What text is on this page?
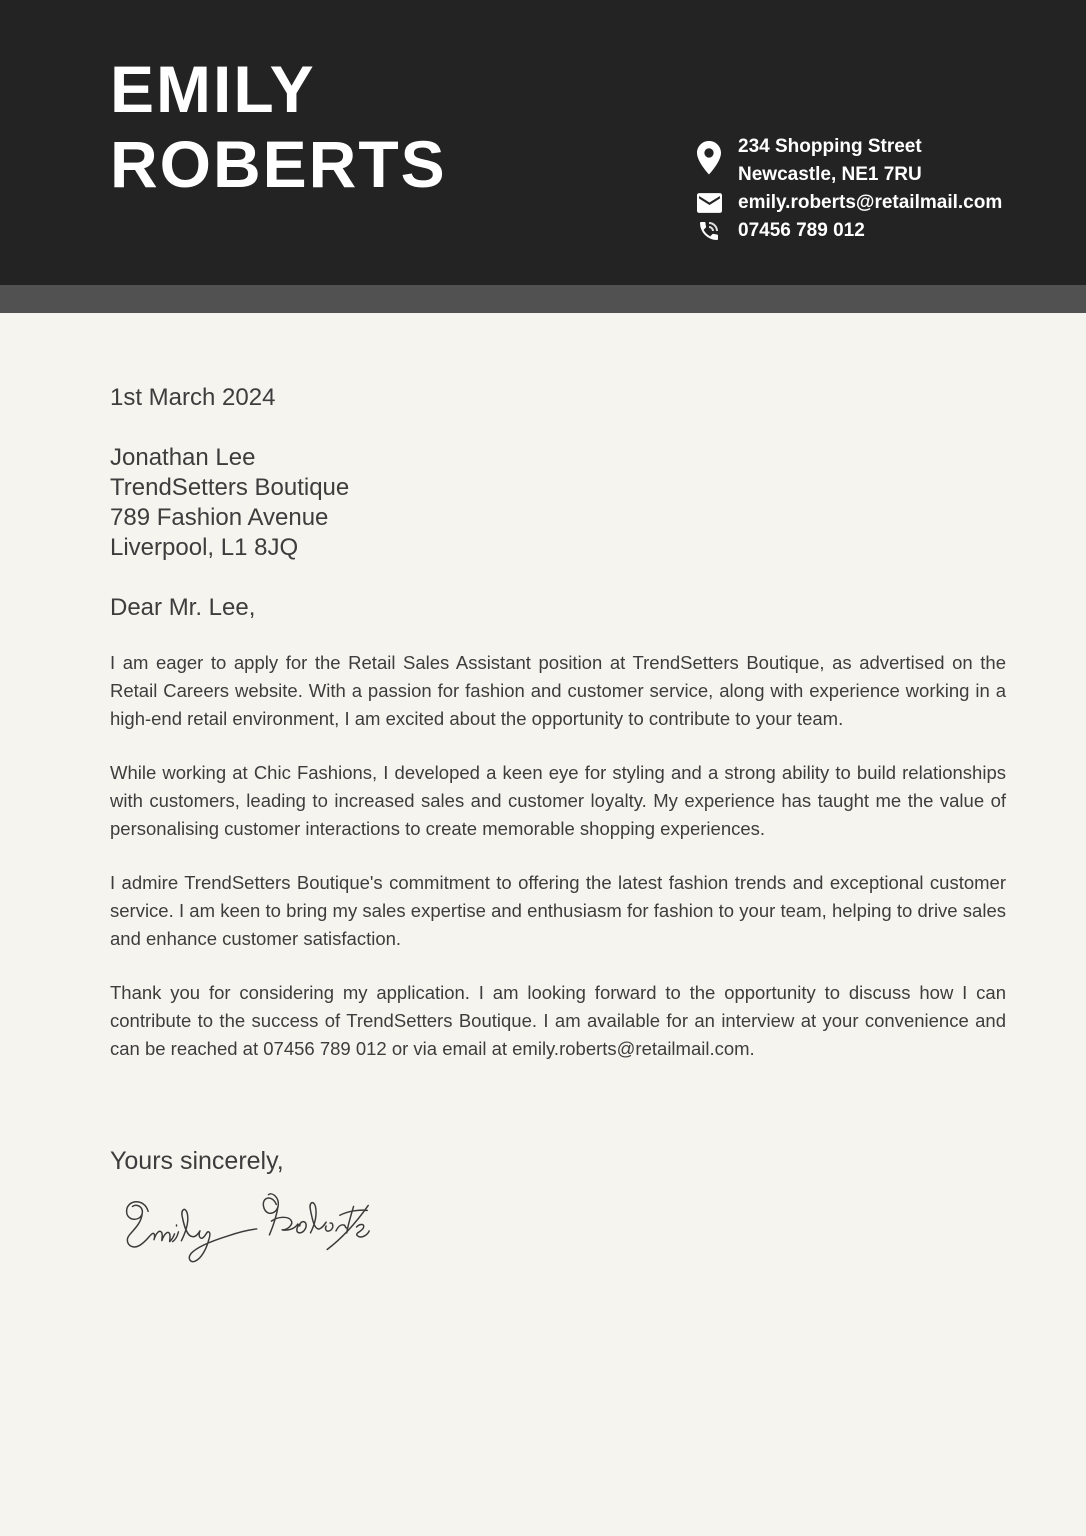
EMILY
ROBERTS	234 Shopping Street
Newcastle, NE1 7RU
emily.roberts@retailmail.com
07456 789 012

1st March 2024

Jonathan Lee
TrendSetters Boutique
789 Fashion Avenue
Liverpool, L1 8JQ

Dear Mr. Lee,

I am eager to apply for the Retail Sales Assistant position at TrendSetters Boutique, as advertised on the Retail Careers website. With a passion for fashion and customer service, along with experience working in a high-end retail environment, I am excited about the opportunity to contribute to your team.

While working at Chic Fashions, I developed a keen eye for styling and a strong ability to build relationships with customers, leading to increased sales and customer loyalty. My experience has taught me the value of personalising customer interactions to create memorable shopping experiences.

I admire TrendSetters Boutique's commitment to offering the latest fashion trends and exceptional customer service. I am keen to bring my sales expertise and enthusiasm for fashion to your team, helping to drive sales and enhance customer satisfaction.

Thank you for considering my application. I am looking forward to the opportunity to discuss how I can contribute to the success of TrendSetters Boutique. I am available for an interview at your convenience and can be reached at 07456 789 012 or via email at emily.roberts@retailmail.com.

Yours sincerely,
